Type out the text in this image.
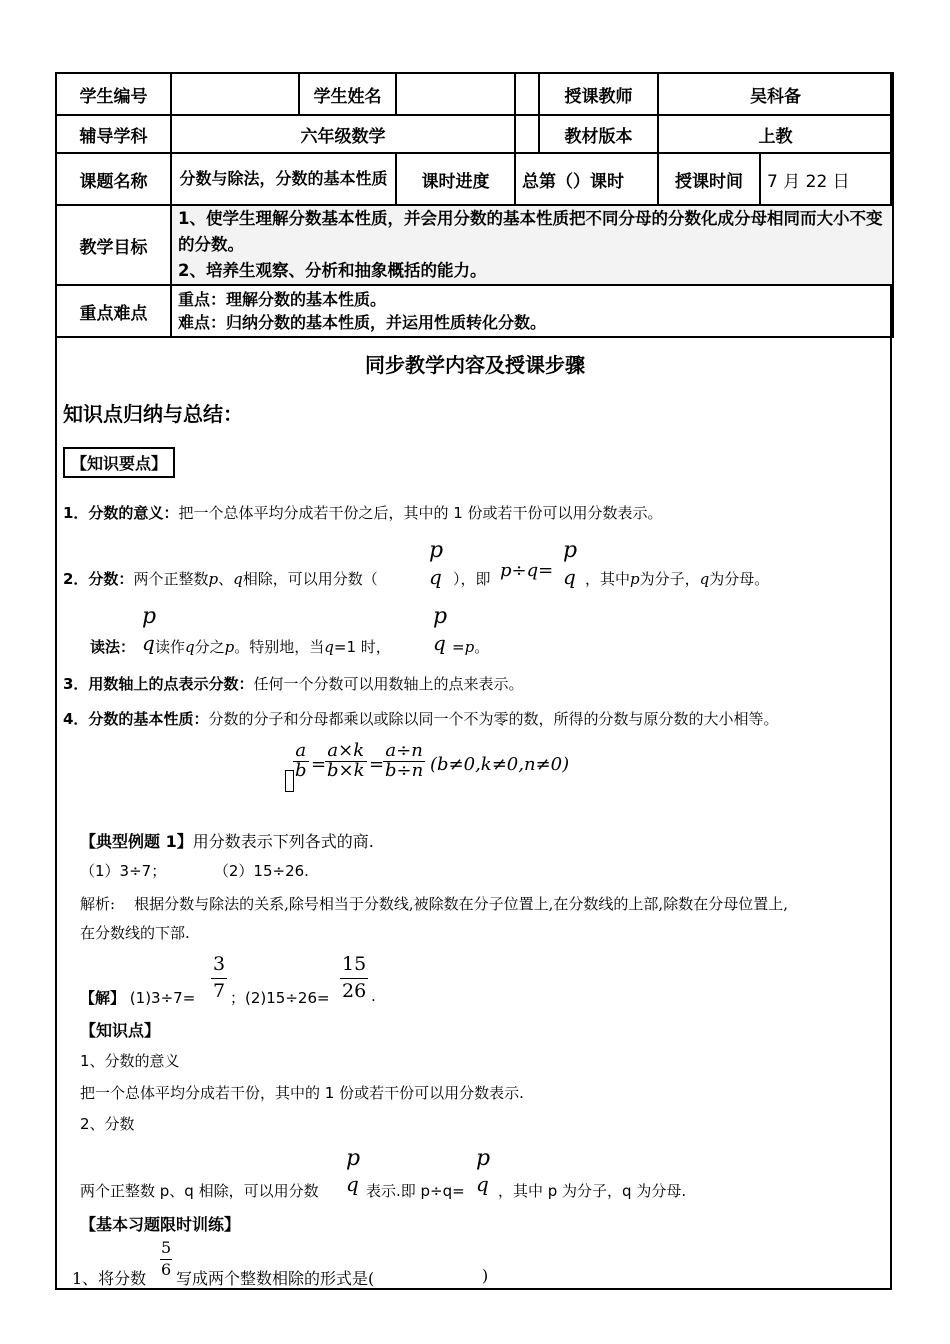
学生编号		学生姓名			授课教师	吴科备	
辅导学科	六年级数学				教材版本	上教	
课题名称	分数与除法，分数的基本性质		课时进度	总第（）课时		授课时间	7 月 22 日
教学目标	1、使学生理解分数基本性质，并会用分数的基本性质把不同分母的分数化成分母相同而大小不变的分数。
2、培养生观察、分析和抽象概括的能力。						

重点难点	重点：理解分数的基本性质。
难点：归纳分数的基本性质，并运用性质转化分数。						
同步教学内容及授课步骤
知识点归纳与总结：
【知识要点】
1．分数的意义：把一个总体平均分成若干份之后，其中的 1 份或若干份可以用分数表示。
2．分数：两个正整数p、q相除，可以用分数（
p
q ），即 p÷q=
p
q ，其中p为分子，q为分母。
p
q
读法： 读作q分之p。特别地，当q=1 时，
p
q =p。
3．用数轴上的点表示分数：任何一个分数可以用数轴上的点来表示。
4．分数的基本性质：分数的分子和分母都乘以或除以同一个不为零的数，所得的分数与原分数的大小相等。
$\frac{a}{b}$ =
$\frac{a\times k}{b\times k}$ =
$\frac{a\div n}{b\div n} (b\ne 0,k\ne 0,n\ne 0)$
【典型例题 1】用分数表示下列各式的商.
（1）3÷7；          （2）15÷26.
解析:    根据分数与除法的关系,除号相当于分数线,被除数在分子位置上,在分数线的上部,除数在分母位置上,
在分数线的下部.
【解】 (1)3÷7=
3
7 ；(2)15÷26=
15
26 .
【知识点】
1、分数的意义
把一个总体平均分成若干份，其中的 1 份或若干份可以用分数表示.
2、分数
两个正整数 p、q 相除，可以用分数
p
q 表示.即 p÷q=
p
q ，其中 p 为分子，q 为分母.
【基本习题限时训练】
1、将分数
5
6 写成两个整数相除的形式是(	)
